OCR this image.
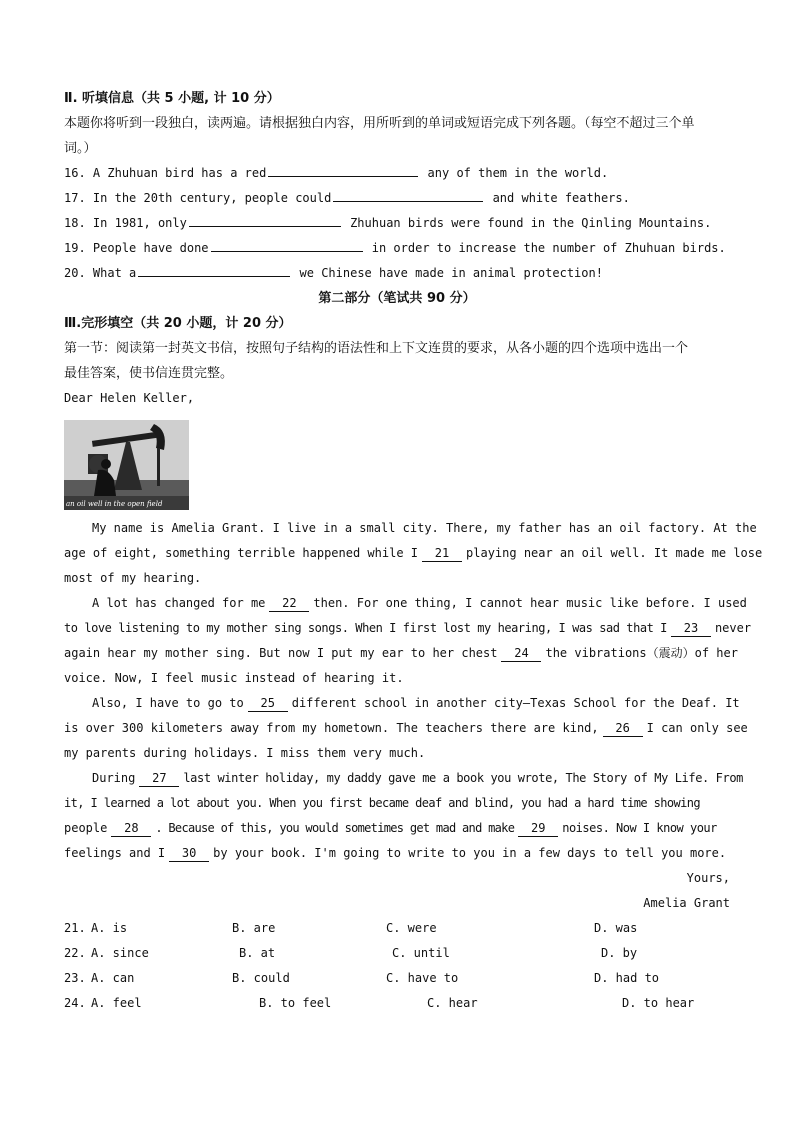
Ⅱ. 听填信息（共 5 小题, 计 10 分）
本题你将听到一段独白，读两遍。请根据独白内容，用所听到的单词或短语完成下列各题。（每空不超过三个单
词。）
16. A Zhuhuan bird has a red	any of them in the world.
17. In the 20th century, people could	and white feathers.
18. In 1981, only	Zhuhuan birds were found in the Qinling Mountains.
19. People have done	in order to increase the number of Zhuhuan birds.
20. What a	we Chinese have made in animal protection!
第二部分（笔试共 90 分）
Ⅲ.完形填空（共 20 小题，计 20 分）
第一节：阅读第一封英文书信，按照句子结构的语法性和上下文连贯的要求，从各小题的四个选项中选出一个
最佳答案，使书信连贯完整。
Dear Helen Keller,
an oil well in the open field
My name is Amelia Grant. I live in a small city. There, my father has an oil factory. At the
age of eight, something terrible happened while I 21 playing near an oil well. It made me lose
most of my hearing.
A lot has changed for me 22 then. For one thing, I cannot hear music like before. I used
to love listening to my mother sing songs. When I first lost my hearing, I was sad that I 23 never
again hear my mother sing. But now I put my ear to her chest 24 the vibrations（震动）of her
voice. Now, I feel music instead of hearing it.
Also, I have to go to 25 different school in another city—Texas School for the Deaf. It
is over 300 kilometers away from my hometown. The teachers there are kind, 26 I can only see
my parents during holidays. I miss them very much.
During 27 last winter holiday, my daddy gave me a book you wrote, The Story of My Life. From
it, I learned a lot about you. When you first became deaf and blind, you had a hard time showing
people 28 . Because of this, you would sometimes get mad and make 29 noises. Now I know your
feelings and I 30 by your book. I'm going to write to you in a few days to tell you more.
Yours,
Amelia Grant
21. A. is	B. are	C. were	D. was
22. A. since	B. at	C. until	D. by
23. A. can	B. could	C. have to	D. had to
24. A. feel	B. to feel	C. hear	D. to hear
